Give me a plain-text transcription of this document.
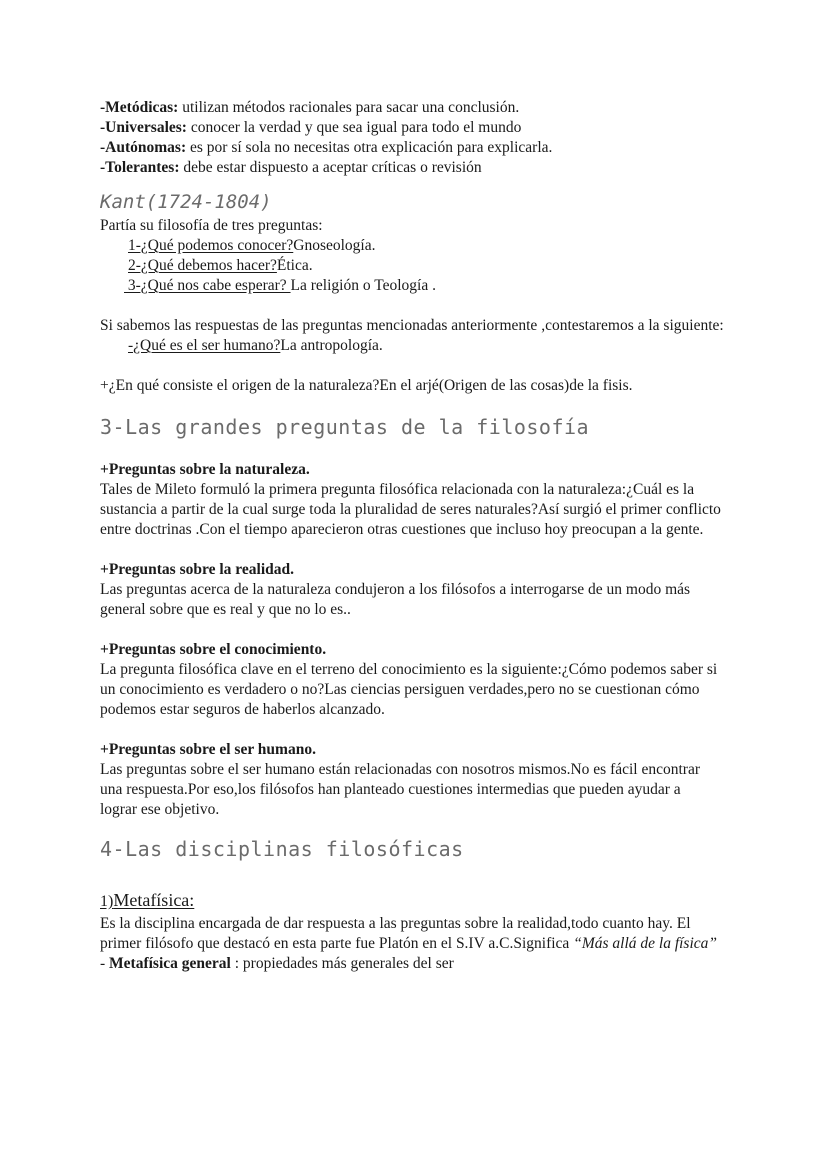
-Metódicas: utilizan métodos racionales para sacar una conclusión.

-Universales: conocer la verdad y que sea igual para todo el mundo

-Autónomas: es por sí sola no necesitas otra explicación para explicarla.

-Tolerantes: debe estar dispuesto a aceptar críticas o revisión

Kant(1724-1804)

Partía su filosofía de tres preguntas:

1-¿Qué podemos conocer?Gnoseología.

2-¿Qué debemos hacer?Ética.

3-¿Qué nos cabe esperar? La religión o Teología .

Si sabemos las respuestas de las preguntas mencionadas anteriormente ,contestaremos a la siguiente:

-¿Qué es el ser humano?La antropología.

+¿En qué consiste el origen de la naturaleza?En el arjé(Origen de las cosas)de la fisis.

3-Las grandes preguntas de la filosofía

+Preguntas sobre la naturaleza.

Tales de Mileto formuló la primera pregunta filosófica relacionada con la naturaleza:¿Cuál es la sustancia a partir de la cual surge toda la pluralidad de seres naturales?Así surgió el primer conflicto entre doctrinas .Con el tiempo aparecieron otras cuestiones que incluso hoy preocupan a la gente.

+Preguntas sobre la realidad.

Las preguntas acerca de la naturaleza condujeron a los filósofos a interrogarse de un modo más general sobre que es real y que no lo es..

+Preguntas sobre el conocimiento.

La pregunta filosófica clave en el terreno del conocimiento es la siguiente:¿Cómo podemos saber si un conocimiento es verdadero o no?Las ciencias persiguen verdades,pero no se cuestionan cómo podemos estar seguros de haberlos alcanzado.

+Preguntas sobre el ser humano.

Las preguntas sobre el ser humano están relacionadas con nosotros mismos.No es fácil encontrar una respuesta.Por eso,los filósofos han planteado cuestiones intermedias que pueden ayudar a lograr ese objetivo.

4-Las disciplinas filosóficas

1)Metafísica:

Es la disciplina encargada de dar respuesta a las preguntas sobre la realidad,todo cuanto hay. El primer filósofo que destacó en esta parte fue Platón en el S.IV a.C.Significa “Más allá de la física”

- Metafísica general : propiedades más generales del ser
